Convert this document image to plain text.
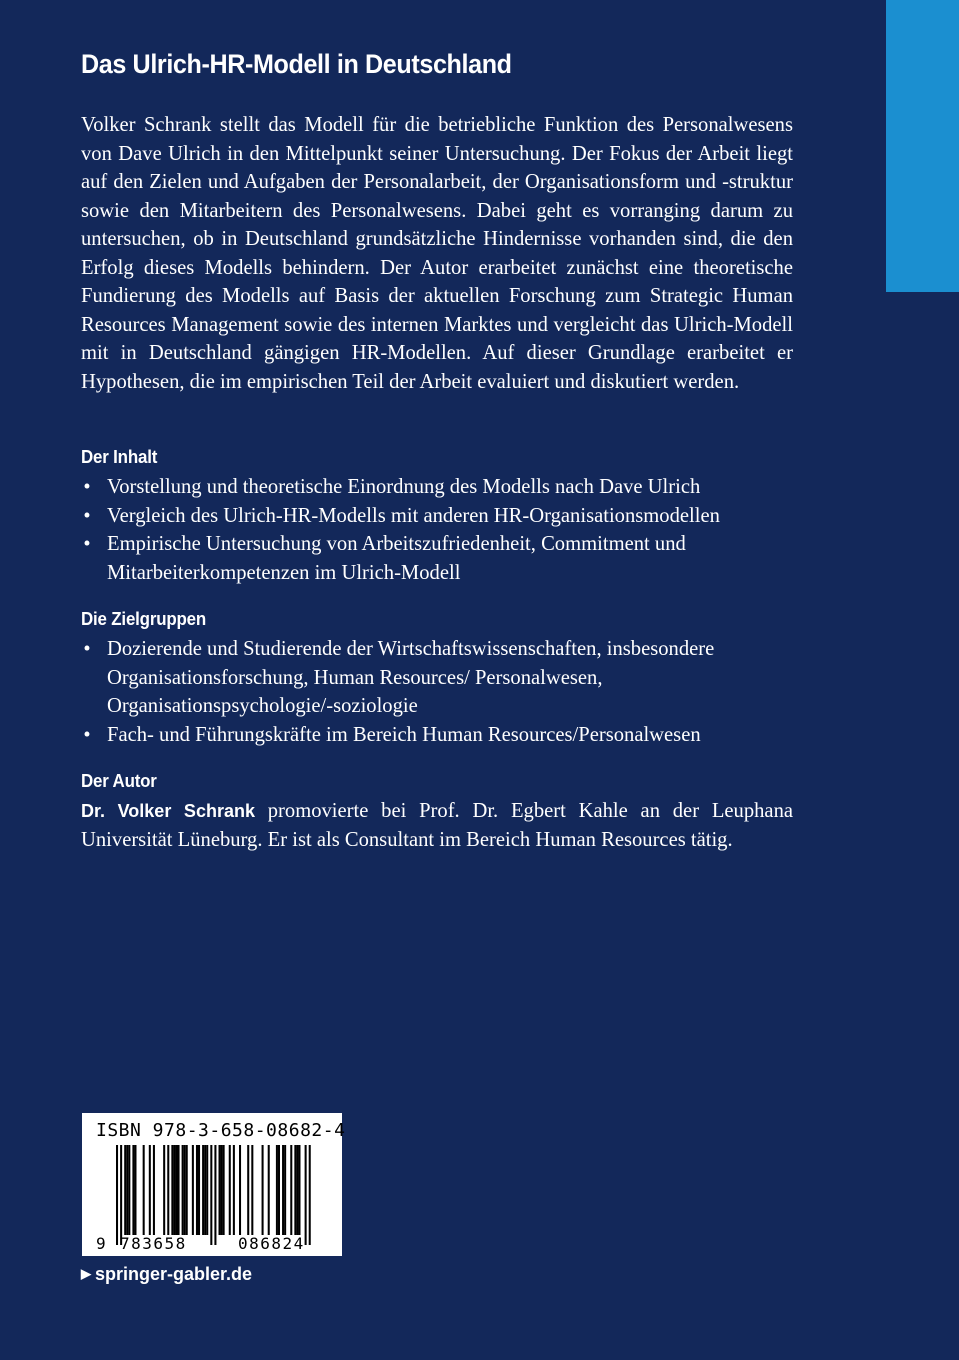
Das Ulrich-HR-Modell in Deutschland

Volker Schrank stellt das Modell für die betriebliche Funktion des Personalwesens von Dave Ulrich in den Mittelpunkt seiner Untersuchung. Der Fokus der Arbeit liegt auf den Zielen und Aufgaben der Personalarbeit, der Organisationsform und -struktur sowie den Mitarbeitern des Personalwesens. Dabei geht es vorranging darum zu untersuchen, ob in Deutschland grundsätzliche Hindernisse vorhanden sind, die den Erfolg dieses Modells behindern. Der Autor erarbeitet zunächst eine theoretische Fundierung des Modells auf Basis der aktuellen Forschung zum Strategic Human Resources Management sowie des internen Marktes und vergleicht das Ulrich-Modell mit in Deutschland gängigen HR-Modellen. Auf dieser Grundlage erarbeitet er Hypothesen, die im empirischen Teil der Arbeit evaluiert und diskutiert werden.

Der Inhalt
• Vorstellung und theoretische Einordnung des Modells nach Dave Ulrich
• Vergleich des Ulrich-HR-Modells mit anderen HR-Organisationsmodellen
• Empirische Untersuchung von Arbeitszufriedenheit, Commitment und Mitarbeiterkompetenzen im Ulrich-Modell
Die Zielgruppen
• Dozierende und Studierende der Wirtschaftswissenschaften, insbesondere Organisationsforschung, Human Resources/ Personalwesen, Organisationspsychologie/-soziologie
• Fach- und Führungskräfte im Bereich Human Resources/Personalwesen
Der Autor

Dr. Volker Schrank promovierte bei Prof. Dr. Egbert Kahle an der Leuphana Universität Lüneburg. Er ist als Consultant im Bereich Human Resources tätig.

ISBN 978-3-658-08682-4
9 783658	086824
▶ springer-gabler.de
